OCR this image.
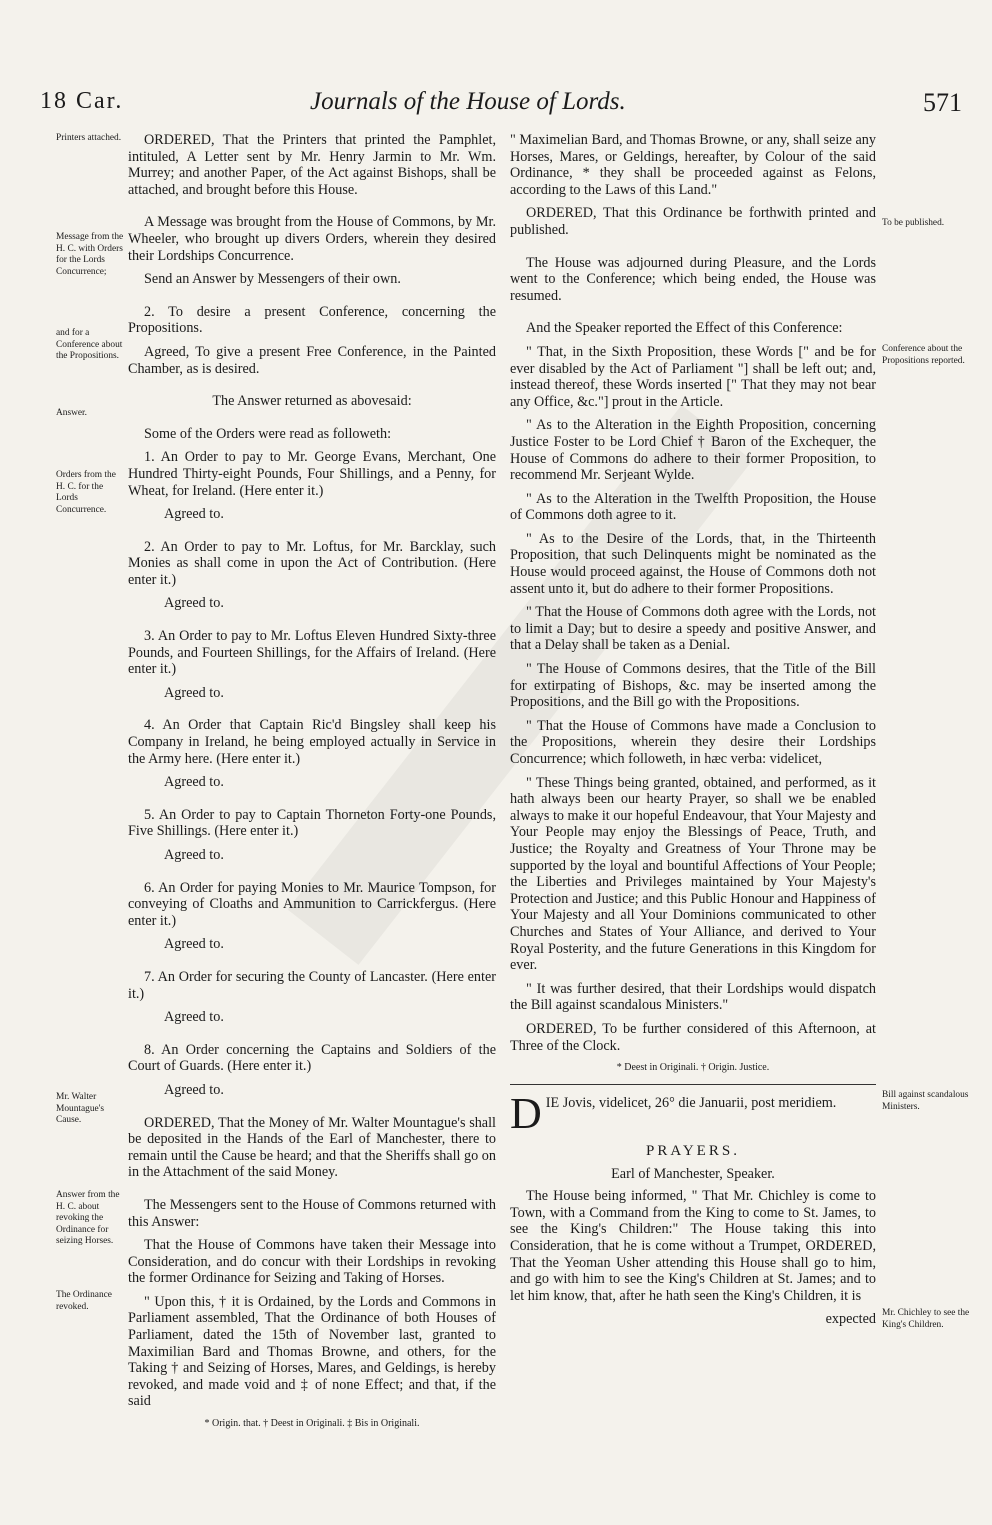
18 Car.	Journals of the House of Lords.	571
Printers attached.
Message from the H. C. with Orders for the Lords Concurrence;
and for a Conference about the Propositions.
Answer.
Orders from the H. C. for the Lords Concurrence.
Mr. Walter Mountague's Cause.
Answer from the H. C. about revoking the Ordinance for seizing Horses.
The Ordinance revoked.
To be published.
Conference about the Propositions reported.
Bill against scandalous Ministers.
Mr. Chichley to see the King's Children.

ORDERED, That the Printers that printed the Pamphlet, intituled, A Letter sent by Mr. Henry Jarmin to Mr. Wm. Murrey; and another Paper, of the Act against Bishops, shall be attached, and brought before this House.

A Message was brought from the House of Commons, by Mr. Wheeler, who brought up divers Orders, wherein they desired their Lordships Concurrence.

Send an Answer by Messengers of their own.

2. To desire a present Conference, concerning the Propositions.

Agreed, To give a present Free Conference, in the Painted Chamber, as is desired.

The Answer returned as abovesaid:

Some of the Orders were read as followeth:

1. An Order to pay to Mr. George Evans, Merchant, One Hundred Thirty-eight Pounds, Four Shillings, and a Penny, for Wheat, for Ireland. (Here enter it.)

Agreed to.

2. An Order to pay to Mr. Loftus, for Mr. Barcklay, such Monies as shall come in upon the Act of Contribution. (Here enter it.)

Agreed to.

3. An Order to pay to Mr. Loftus Eleven Hundred Sixty-three Pounds, and Fourteen Shillings, for the Affairs of Ireland. (Here enter it.)

Agreed to.

4. An Order that Captain Ric'd Bingsley shall keep his Company in Ireland, he being employed actually in Service in the Army here. (Here enter it.)

Agreed to.

5. An Order to pay to Captain Thorneton Forty-one Pounds, Five Shillings. (Here enter it.)

Agreed to.

6. An Order for paying Monies to Mr. Maurice Tompson, for conveying of Cloaths and Ammunition to Carrickfergus. (Here enter it.)

Agreed to.

7. An Order for securing the County of Lancaster. (Here enter it.)

Agreed to.

8. An Order concerning the Captains and Soldiers of the Court of Guards. (Here enter it.)

Agreed to.

ORDERED, That the Money of Mr. Walter Mountague's shall be deposited in the Hands of the Earl of Manchester, there to remain until the Cause be heard; and that the Sheriffs shall go on in the Attachment of the said Money.

The Messengers sent to the House of Commons returned with this Answer:

That the House of Commons have taken their Message into Consideration, and do concur with their Lordships in revoking the former Ordinance for Seizing and Taking of Horses.

" Upon this, † it is Ordained, by the Lords and Commons in Parliament assembled, That the Ordinance of both Houses of Parliament, dated the 15th of November last, granted to Maximilian Bard and Thomas Browne, and others, for the Taking † and Seizing of Horses, Mares, and Geldings, is hereby revoked, and made void and ‡ of none Effect; and that, if the said

* Origin. that. † Deest in Originali. ‡ Bis in Originali.

" Maximelian Bard, and Thomas Browne, or any, shall seize any Horses, Mares, or Geldings, hereafter, by Colour of the said Ordinance, * they shall be proceeded against as Felons, according to the Laws of this Land."

ORDERED, That this Ordinance be forthwith printed and published.

The House was adjourned during Pleasure, and the Lords went to the Conference; which being ended, the House was resumed.

And the Speaker reported the Effect of this Conference:

" That, in the Sixth Proposition, these Words [" and be for ever disabled by the Act of Parliament "] shall be left out; and, instead thereof, these Words inserted [" That they may not bear any Office, &c."] prout in the Article.

" As to the Alteration in the Eighth Proposition, concerning Justice Foster to be Lord Chief † Baron of the Exchequer, the House of Commons do adhere to their former Proposition, to recommend Mr. Serjeant Wylde.

" As to the Alteration in the Twelfth Proposition, the House of Commons doth agree to it.

" As to the Desire of the Lords, that, in the Thirteenth Proposition, that such Delinquents might be nominated as the House would proceed against, the House of Commons doth not assent unto it, but do adhere to their former Propositions.

" That the House of Commons doth agree with the Lords, not to limit a Day; but to desire a speedy and positive Answer, and that a Delay shall be taken as a Denial.

" The House of Commons desires, that the Title of the Bill for extirpating of Bishops, &c. may be inserted among the Propositions, and the Bill go with the Propositions.

" That the House of Commons have made a Conclusion to the Propositions, wherein they desire their Lordships Concurrence; which followeth, in hæc verba: videlicet,

" These Things being granted, obtained, and performed, as it hath always been our hearty Prayer, so shall we be enabled always to make it our hopeful Endeavour, that Your Majesty and Your People may enjoy the Blessings of Peace, Truth, and Justice; the Royalty and Greatness of Your Throne may be supported by the loyal and bountiful Affections of Your People; the Liberties and Privileges maintained by Your Majesty's Protection and Justice; and this Public Honour and Happiness of Your Majesty and all Your Dominions communicated to other Churches and States of Your Alliance, and derived to Your Royal Posterity, and the future Generations in this Kingdom for ever.

" It was further desired, that their Lordships would dispatch the Bill against scandalous Ministers."

ORDERED, To be further considered of this Afternoon, at Three of the Clock.

* Deest in Originali. † Origin. Justice.
D IE Jovis, videlicet, 26° die Januarii, post meridiem.

PRAYERS.

Earl of Manchester, Speaker.

The House being informed, " That Mr. Chichley is come to Town, with a Command from the King to come to St. James, to see the King's Children:" The House taking this into Consideration, that he is come without a Trumpet, ORDERED, That the Yeoman Usher attending this House shall go to him, and go with him to see the King's Children at St. James; and to let him know, that, after he hath seen the King's Children, it is

expected
